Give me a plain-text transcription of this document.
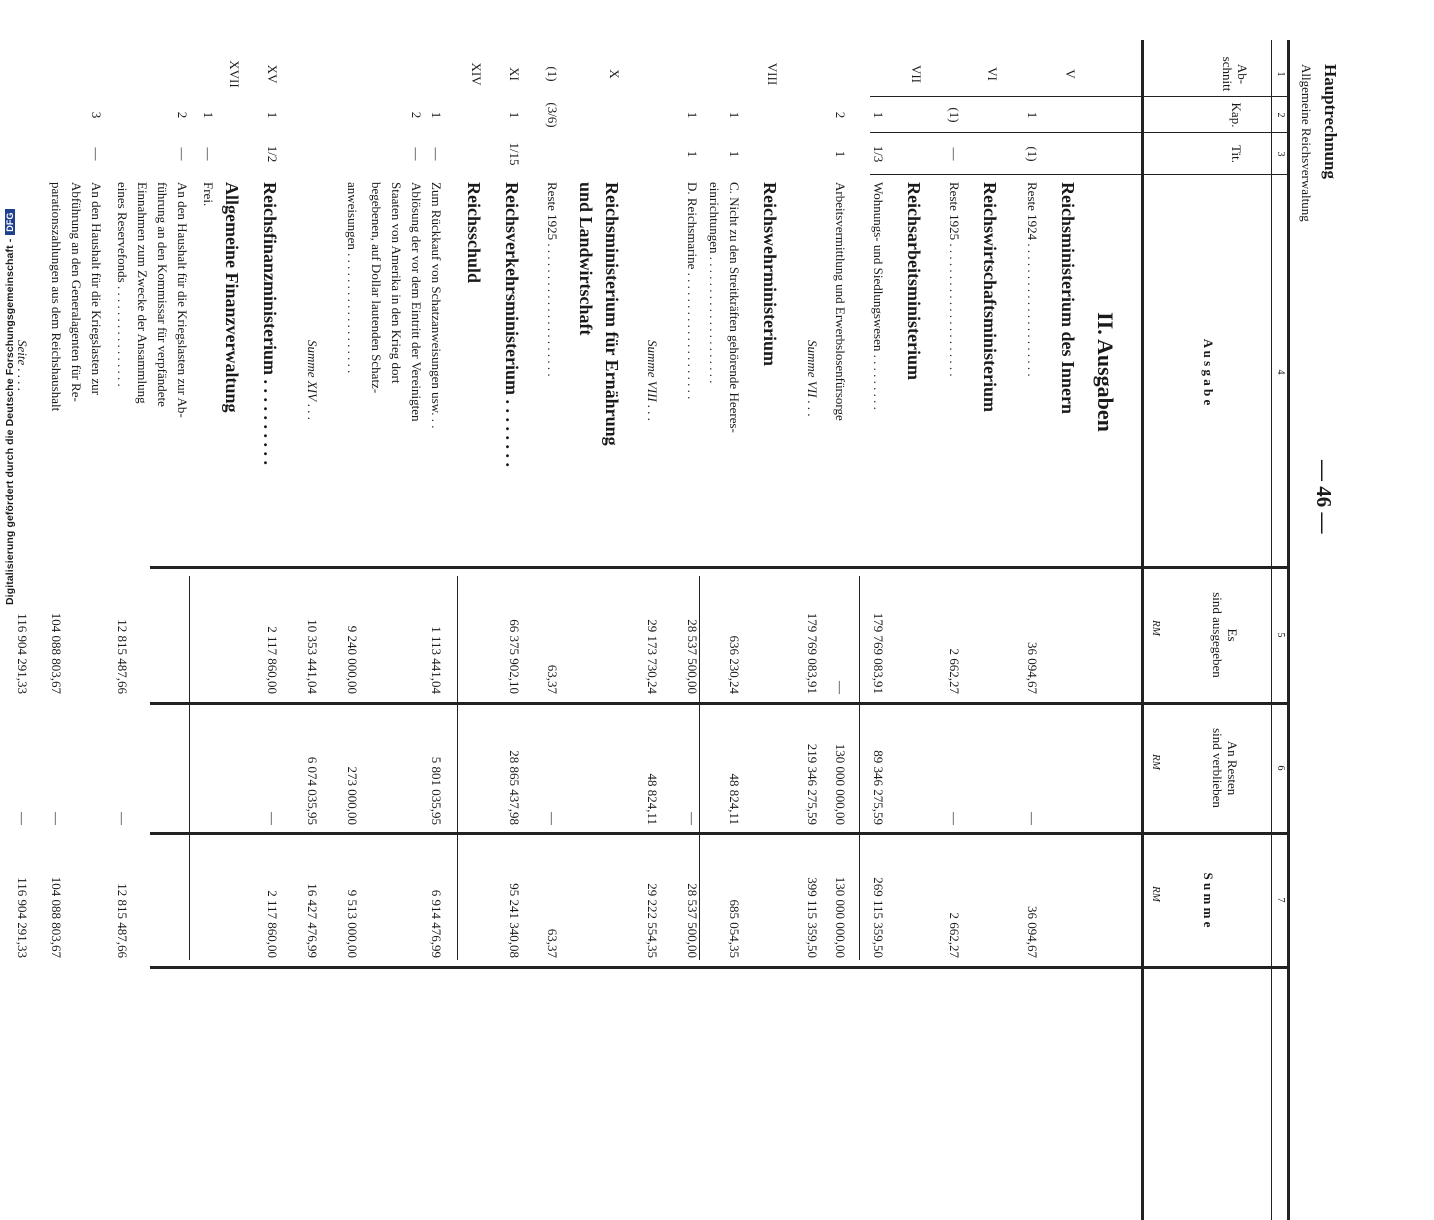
Digitalisierung gefördert durch die Deutsche Forschungsgemeinschaft -DFG
Hauptrechnung
Allgemeine Reichsverwaltung
— 46 —
1
2
3
4
5
6
7
Ab-
schnitt
Kap.
Tit.
A u s g a b e
Es
sind ausgegeben
An Resten
sind verblieben
S u m m e
RM
RM
RM
II. Ausgaben
V
Reichsministerium des Innern
1
(1)
Reste 1924 . . . . . . . . . . . . . . . . . . . . .
36 094,67
—
36 094,67
VI
Reichswirtschaftsministerium
(1)
—
Reste 1925 . . . . . . . . . . . . . . . . . . . . .
2 662,27
—
2 662,27
VII
Reichsarbeitsministerium
1
1/3
Wohnungs- und Siedlungswesen . . . . . . . . .
179 769 083,91
89 346 275,59
269 115 359,50
2
1
Arbeitsvermittlung und Erwerbslosenfürsorge
—
130 000 000,00
130 000 000,00
Summe VII . . .
179 769 083,91
219 346 275,59
399 115 359,50
VIII
Reichswehrministerium
1
1
C. Nicht zu den Streitkräften gehörende Heeres-
636 230,24
48 824,11
685 054,35
einrichtungen . . . . . . . . . . . . . . . . . . . .
1
1
D. Reichsmarine . . . . . . . . . . . . . . . . . . . .
28 537 500,00
—
28 537 500,00
Summe VIII . . .
29 173 730,24
48 824,11
29 222 554,35
X
Reichsministerium für Ernährung
und Landwirtschaft
(1)
(3/6)
Reste 1925 . . . . . . . . . . . . . . . . . . . . .
63,37
—
63,37
XI
1
1/15
Reichsverkehrsministerium . . . . . . . .
66 375 902,10
28 865 437,98
95 241 340,08
XIV
Reichsschuld
1
—
Zum Rückkauf von Schatzanweisungen usw. . .
1 113 441,04
5 801 035,95
6 914 476,99
2
—
Ablösung der vor dem Eintritt der Vereinigten
Staaten von Amerika in den Krieg dort
begebenen, auf Dollar lautenden Schatz-
anweisungen . . . . . . . . . . . . . . . . . . .
9 240 000,00
273 000,00
9 513 000,00
Summe XIV . . .
10 353 441,04
6 074 035,95
16 427 476,99
XV
1
1/2
Reichsfinanzministerium . . . . . . . . . .
2 117 860,00
—
2 117 860,00
XVII
Allgemeine Finanzverwaltung
1
—
Frei.
2
—
An den Haushalt für die Kriegslasten zur Ab-
führung an den Kommissar für verpfändete
Einnahmen zum Zwecke der Ansammlung
eines Reservefonds . . . . . . . . . . . . . . . .
12 815 487,66
—
12 815 487,66
3
—
An den Haushalt für die Kriegslasten zur
Abführung an den Generalagenten für Re-
parationszahlungen aus dem Reichshaushalt
104 088 803,67
—
104 088 803,67
Seite . . . .
116 904 291,33
—
116 904 291,33
